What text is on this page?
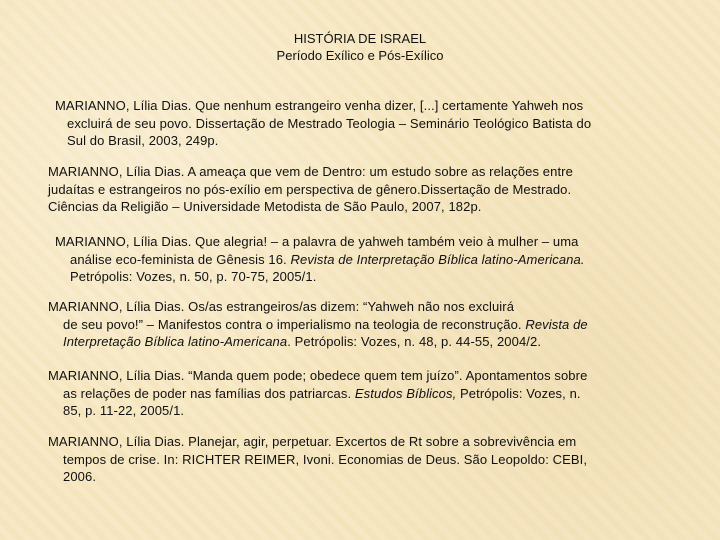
HISTÓRIA DE ISRAEL
Período Exílico e Pós-Exílico
MARIANNO, Lília Dias. Que nenhum estrangeiro venha dizer, [...] certamente Yahweh nos
excluirá de seu povo. Dissertação de Mestrado Teologia – Seminário Teológico Batista do
Sul do Brasil, 2003, 249p.
MARIANNO, Lília Dias. A ameaça que vem de Dentro: um estudo sobre as relações entre
judaítas e estrangeiros no pós-exílio em perspectiva de gênero.Dissertação de Mestrado.
Ciências da Religião – Universidade Metodista de São Paulo, 2007, 182p.
MARIANNO, Lília Dias. Que alegria! – a palavra de yahweh também veio à mulher – uma
análise eco-feminista de Gênesis 16. Revista de Interpretação Bíblica latino-Americana.
Petrópolis: Vozes, n. 50, p. 70-75, 2005/1.
MARIANNO, Lília Dias. Os/as estrangeiros/as dizem: “Yahweh não nos excluirá
de seu povo!” – Manifestos contra o imperialismo na teologia de reconstrução. Revista de
Interpretação Bíblica latino-Americana. Petrópolis: Vozes, n. 48, p. 44-55, 2004/2.
MARIANNO, Lília Dias. “Manda quem pode; obedece quem tem juízo”. Apontamentos sobre
as relações de poder nas famílias dos patriarcas. Estudos Bíblicos, Petrópolis: Vozes, n.
85, p. 11-22, 2005/1.
MARIANNO, Lília Dias. Planejar, agir, perpetuar. Excertos de Rt sobre a sobrevivência em
tempos de crise. In: RICHTER REIMER, Ivoni. Economias de Deus. São Leopoldo: CEBI,
2006.
